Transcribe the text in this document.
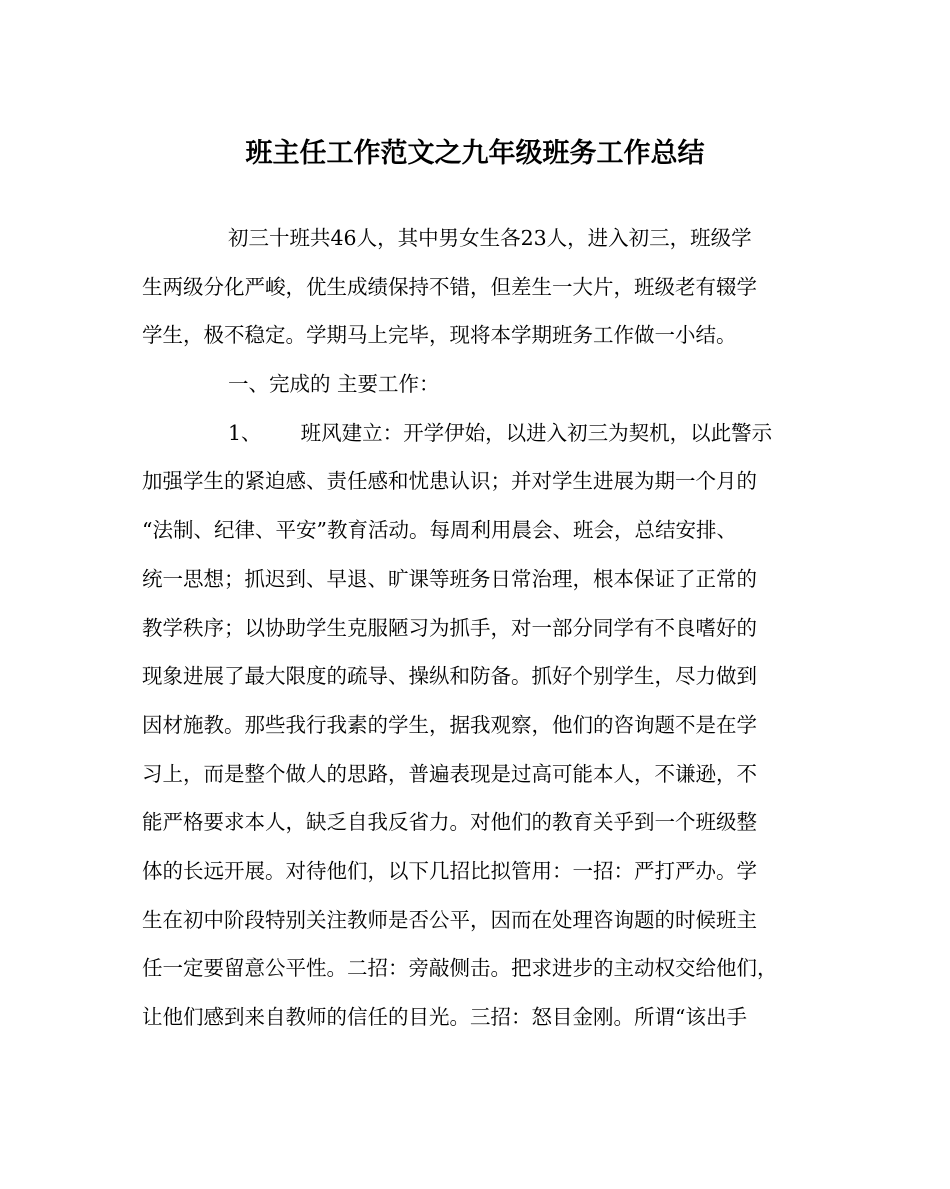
班主任工作范文之九年级班务工作总结
初三十班共46人，其中男女生各23人，进入初三，班级学
生两级分化严峻，优生成绩保持不错，但差生一大片，班级老有辍学
学生，极不稳定。学期马上完毕，现将本学期班务工作做一小结。
一、完成的 主要工作：
1、      班风建立：开学伊始，以进入初三为契机，以此警示
加强学生的紧迫感、责任感和忧患认识；并对学生进展为期一个月的
“法制、纪律、平安”教育活动。每周利用晨会、班会，总结安排、
统一思想；抓迟到、早退、旷课等班务日常治理，根本保证了正常的
教学秩序；以协助学生克服陋习为抓手，对一部分同学有不良嗜好的
现象进展了最大限度的疏导、操纵和防备。抓好个别学生，尽力做到
因材施教。那些我行我素的学生，据我观察，他们的咨询题不是在学
习上，而是整个做人的思路，普遍表现是过高可能本人，不谦逊，不
能严格要求本人，缺乏自我反省力。对他们的教育关乎到一个班级整
体的长远开展。对待他们，以下几招比拟管用：一招：严打严办。学
生在初中阶段特别关注教师是否公平，因而在处理咨询题的时候班主
任一定要留意公平性。二招：旁敲侧击。把求进步的主动权交给他们，
让他们感到来自教师的信任的目光。三招：怒目金刚。所谓“该出手
